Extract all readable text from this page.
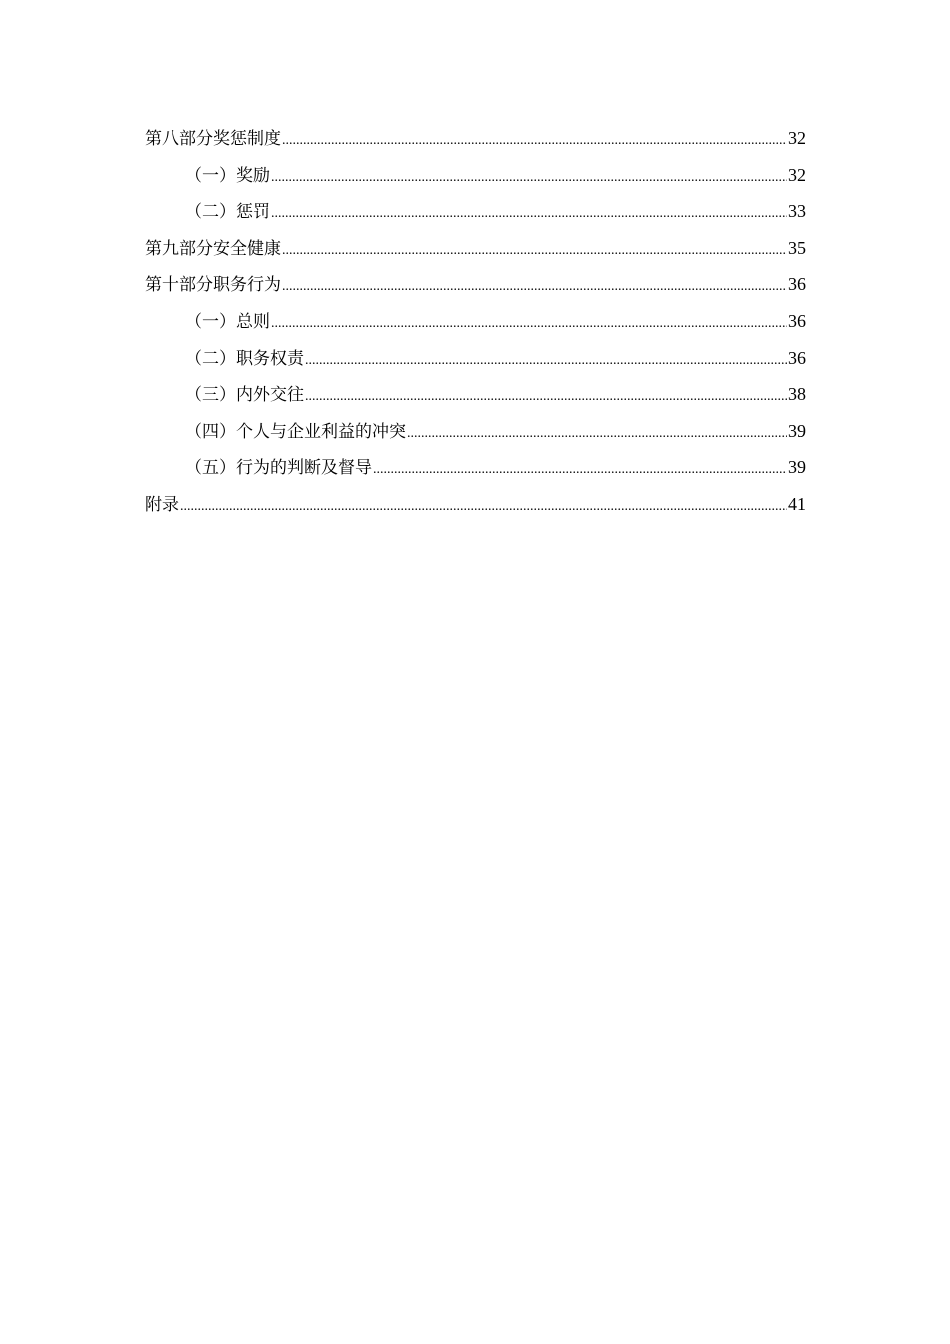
第八部分 奖惩制度 .....	32
（一） 奖励 .....	32
（二） 惩罚 .....	33
第九部分 安全健康 .....	35
第十部分 职务行为 .....	36
（一） 总则 .....	36
（二） 职务权责 .....	36
（三） 内外交往 .....	38
（四） 个人与企业利益的冲突 .....	39
（五） 行为的判断及督导 .....	39
附录 .....	41
